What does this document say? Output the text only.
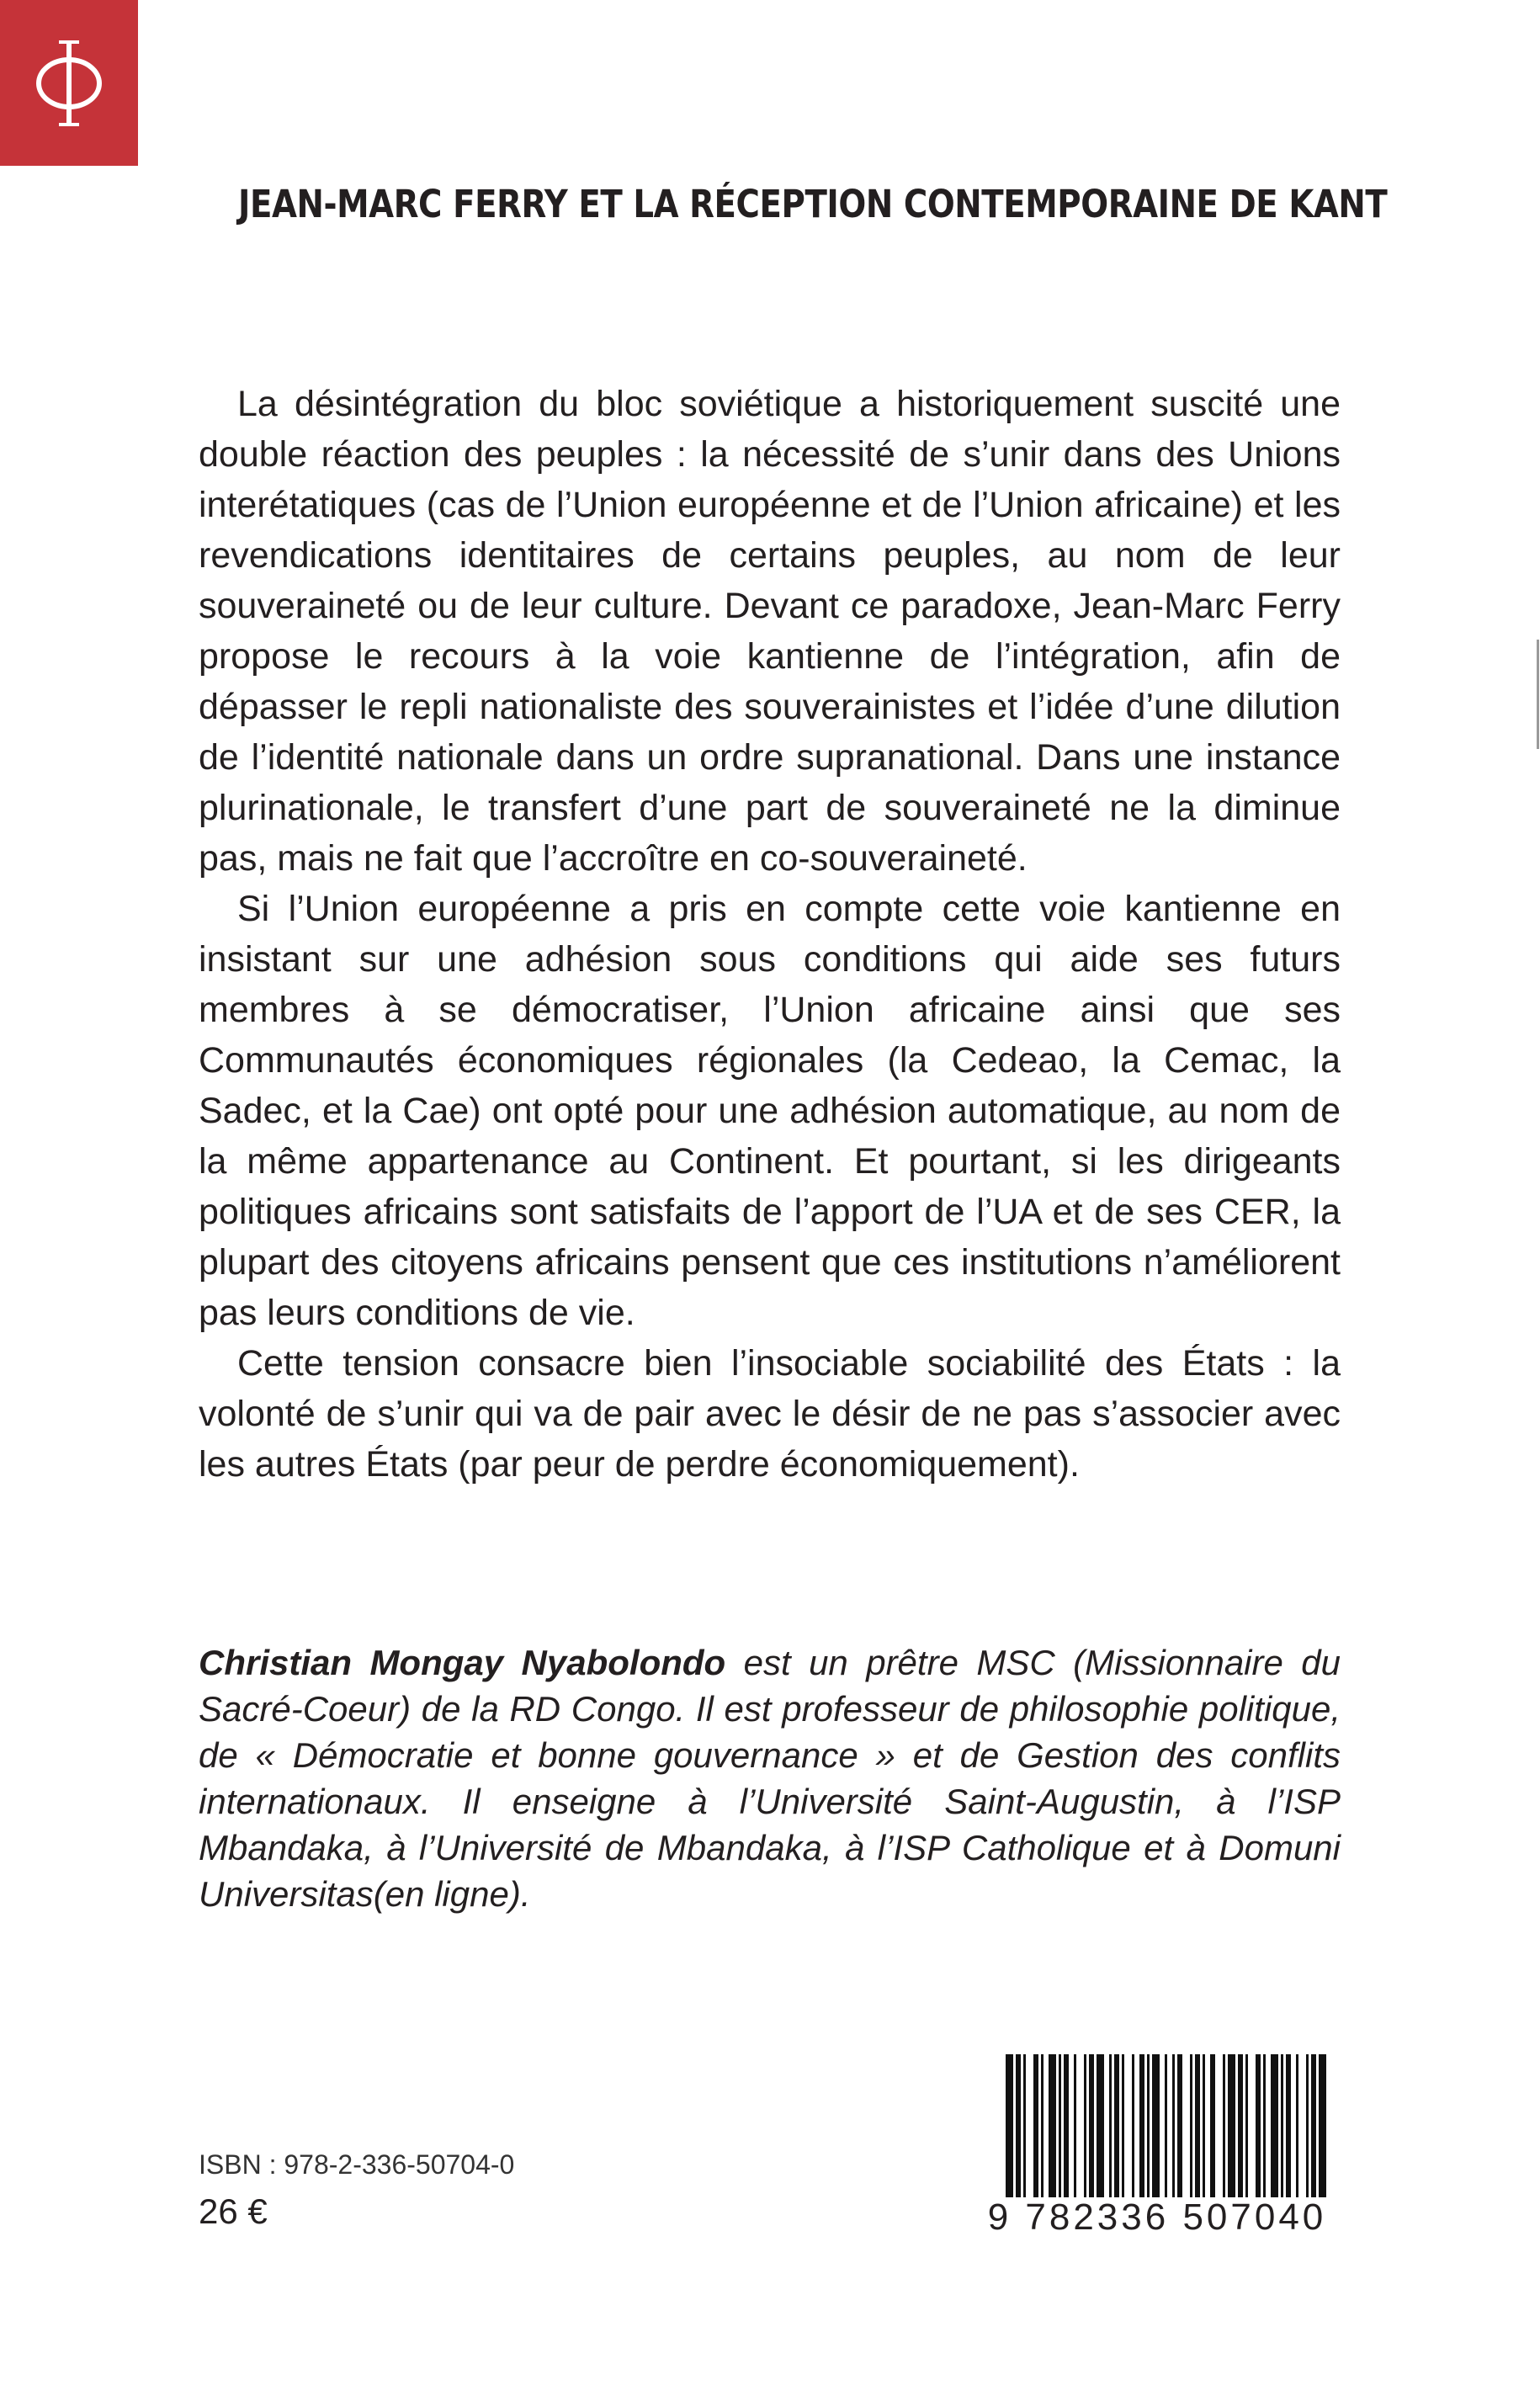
JEAN-MARC FERRY ET LA RÉCEPTION CONTEMPORAINE DE KANT

La désintégration du bloc soviétique a historiquement suscité une double réaction des peuples : la nécessité de s’unir dans des Unions interétatiques (cas de l’Union européenne et de l’Union africaine) et les revendications identitaires de certains peuples, au nom de leur souveraineté ou de leur culture. Devant ce paradoxe, Jean-Marc Ferry propose le recours à la voie kantienne de l’intégration, afin de dépasser le repli nationaliste des souverainistes et l’idée d’une dilution de l’identité nationale dans un ordre supranational. Dans une instance plurinationale, le transfert d’une part de souveraineté ne la diminue pas, mais ne fait que l’accroître en co-souveraineté.

Si l’Union européenne a pris en compte cette voie kantienne en insistant sur une adhésion sous conditions qui aide ses futurs membres à se démocratiser, l’Union africaine ainsi que ses Communautés économiques régionales (la Cedeao, la Cemac, la Sadec, et la Cae) ont opté pour une adhésion automatique, au nom de la même appartenance au Continent. Et pourtant, si les dirigeants politiques africains sont satisfaits de l’apport de l’UA et de ses CER, la plupart des citoyens africains pensent que ces institutions n’améliorent pas leurs conditions de vie.

Cette tension consacre bien l’insociable sociabilité des États : la volonté de s’unir qui va de pair avec le désir de ne pas s’associer avec les autres États (par peur de perdre économiquement).

Christian Mongay Nyabolondo est un prêtre MSC (Missionnaire du Sacré-Coeur) de la RD Congo. Il est professeur de philosophie politique, de « Démocratie et bonne gouvernance » et de Gestion des conflits internationaux. Il enseigne à l’Université Saint-Augustin, à l’ISP Mbandaka, à l’Université de Mbandaka, à l’ISP Catholique et à Domuni Universitas(en ligne).
ISBN : 978-2-336-50704-0
26 €	9 782336 507040
